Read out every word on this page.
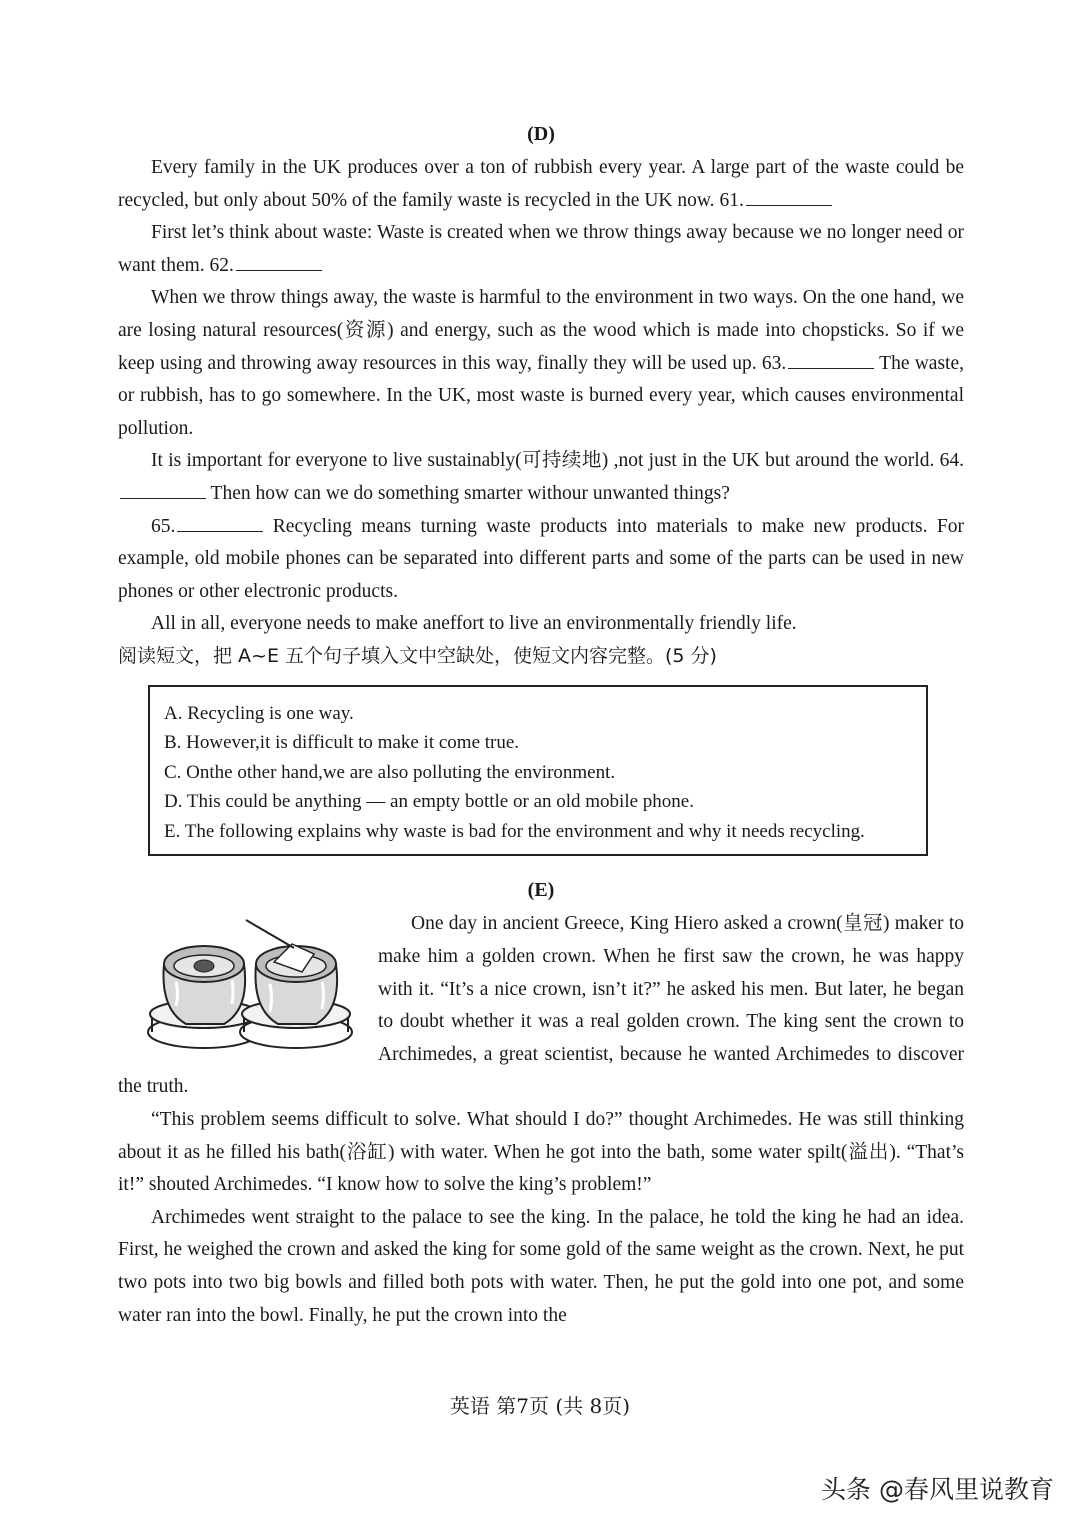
(D)

Every family in the UK produces over a ton of rubbish every year. A large part of the waste could be recycled, but only about 50% of the family waste is recycled in the UK now. 61.

First let’s think about waste: Waste is created when we throw things away because we no longer need or want them. 62.

When we throw things away, the waste is harmful to the environment in two ways. On the one hand, we are losing natural resources(资源) and energy, such as the wood which is made into chopsticks. So if we keep using and throwing away resources in this way, finally they will be used up. 63.	The waste, or rubbish, has to go somewhere. In the UK, most waste is burned every year, which causes environmental pollution.

It is important for everyone to live sustainably(可持续地) ,not just in the UK but around the world. 64. Then how can we do something smarter withour unwanted things?

65.	Recycling means turning waste products into materials to make new products. For example, old mobile phones can be separated into different parts and some of the parts can be used in new phones or other electronic products.

All in all, everyone needs to make aneffort to live an environmentally friendly life.

阅读短文，把 A~E 五个句子填入文中空缺处，使短文内容完整。(5 分)

A. Recycling is one way.
B. However,it is difficult to make it come true.
C. Onthe other hand,we are also polluting the environment.
D. This could be anything — an empty bottle or an old mobile phone.
E. The following explains why waste is bad for the environment and why it needs recycling.
(E)

One day in ancient Greece, King Hiero asked a crown(皇冠) maker to make him a golden crown. When he first saw the crown, he was happy with it. “It’s a nice crown, isn’t it?” he asked his men. But later, he began to doubt whether it was a real golden crown. The king sent the crown to Archimedes, a great scientist, because he wanted Archimedes to discover the truth.

“This problem seems difficult to solve. What should I do?” thought Archimedes. He was still thinking about it as he filled his bath(浴缸) with water. When he got into the bath, some water spilt(溢出). “That’s it!” shouted Archimedes. “I know how to solve the king’s problem!”

Archimedes went straight to the palace to see the king. In the palace, he told the king he had an idea. First, he weighed the crown and asked the king for some gold of the same weight as the crown. Next, he put two pots into two big bowls and filled both pots with water. Then, he put the gold into one pot, and some water ran into the bowl. Finally, he put the crown into the

英语 第7页 (共 8页)
头条 @春风里说教育
